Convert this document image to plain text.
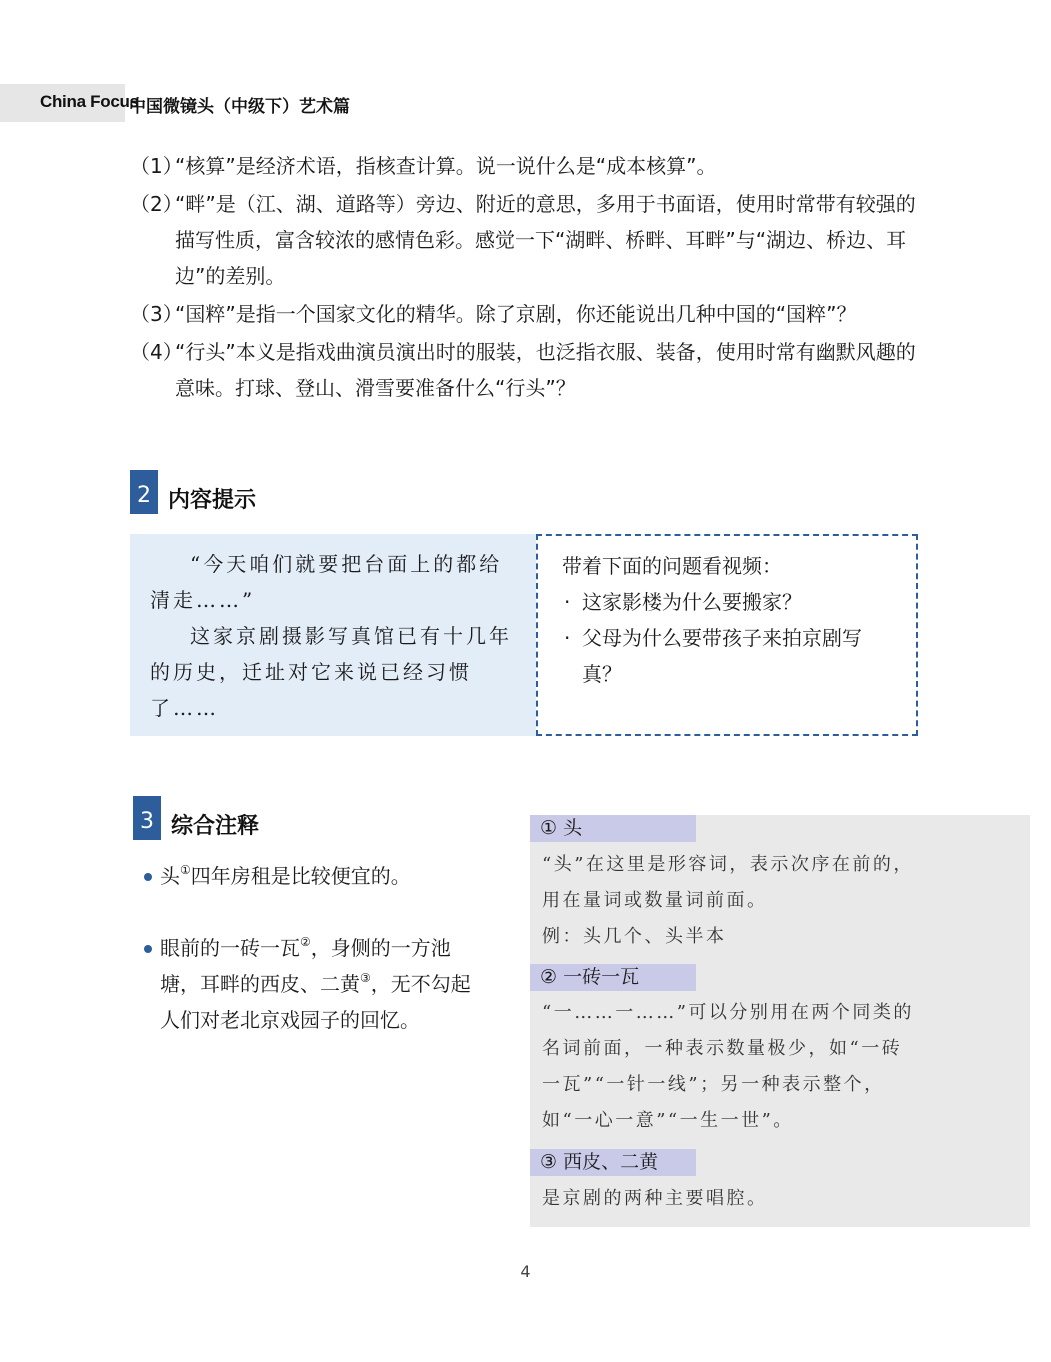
China Focus
中国微镜头（中级下）艺术篇
（1）
“核算”是经济术语，指核查计算。说一说什么是“成本核算”。
（2）
“畔”是（江、湖、道路等）旁边、附近的意思，多用于书面语，使用时常带有较强的描写性质，富含较浓的感情色彩。感觉一下“湖畔、桥畔、耳畔”与“湖边、桥边、耳边”的差别。
（3）
“国粹”是指一个国家文化的精华。除了京剧，你还能说出几种中国的“国粹”？
（4）
“行头”本义是指戏曲演员演出时的服装，也泛指衣服、装备，使用时常有幽默风趣的意味。打球、登山、滑雪要准备什么“行头”？
2 内容提示

“今天咱们就要把台面上的都给清走……”

这家京剧摄影写真馆已有十几年的历史，迁址对它来说已经习惯了……

带着下面的问题看视频：
· 这家影楼为什么要搬家？
· 父母为什么要带孩子来拍京剧写真？
3 综合注释
头①四年房租是比较便宜的。
眼前的一砖一瓦②，身侧的一方池塘，耳畔的西皮、二黄③，无不勾起人们对老北京戏园子的回忆。
① 头
“头”在这里是形容词，表示次序在前的，用在量词或数量词前面。
例：头几个、头半本
② 一砖一瓦
“一……一……”可以分别用在两个同类的名词前面，一种表示数量极少，如“一砖一瓦”“一针一线”；另一种表示整个，如“一心一意”“一生一世”。
③ 西皮、二黄
是京剧的两种主要唱腔。
4
